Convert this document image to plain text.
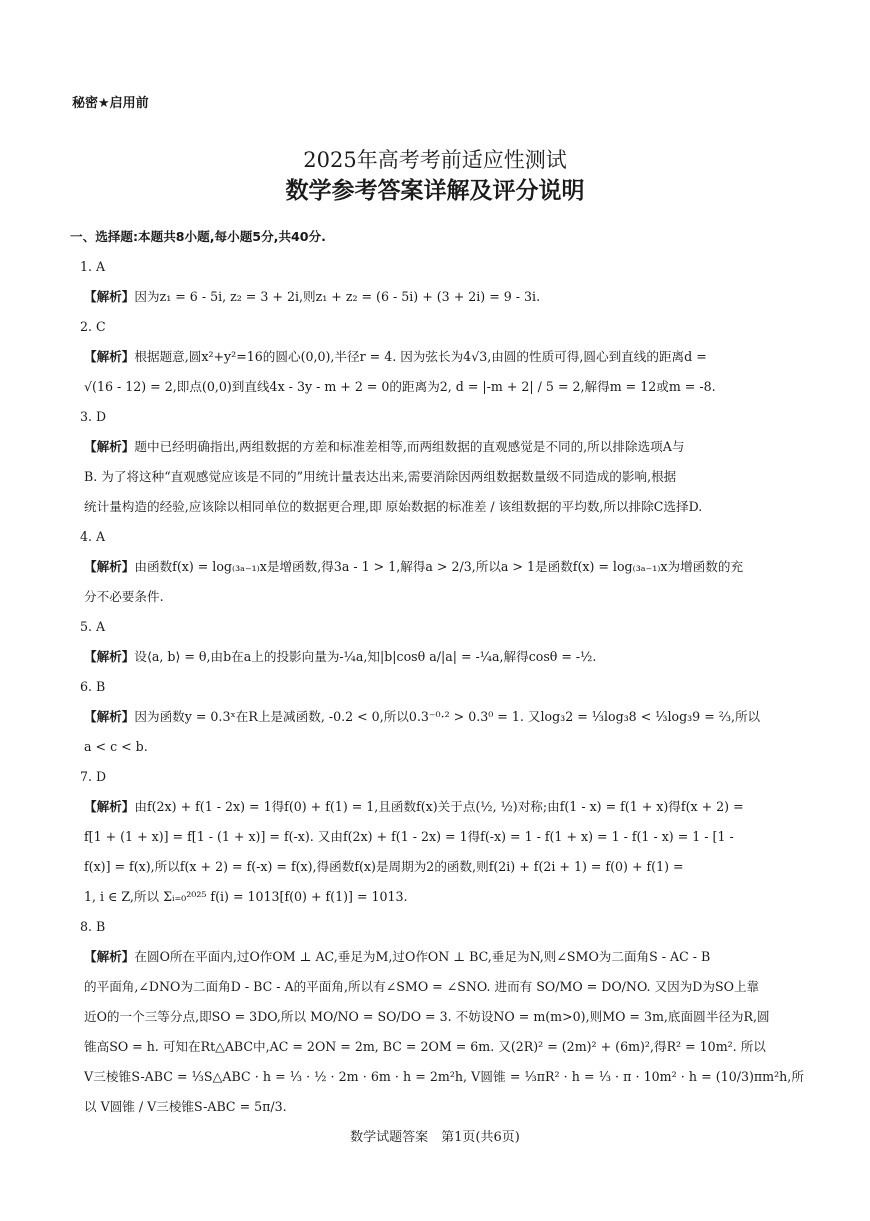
秘密★启用前
2025年高考考前适应性测试
数学参考答案详解及评分说明
一、选择题:本题共8小题,每小题5分,共40分.
1. A
【解析】因为z₁ = 6 - 5i, z₂ = 3 + 2i,则z₁ + z₂ = (6 - 5i) + (3 + 2i) = 9 - 3i.
2. C
【解析】根据题意,圆x²+y²=16的圆心(0,0),半径r = 4. 因为弦长为4√3,由圆的性质可得,圆心到直线的距离d =
√(16 - 12) = 2,即点(0,0)到直线4x - 3y - m + 2 = 0的距离为2, d = |-m + 2| / 5 = 2,解得m = 12或m = -8.
3. D
【解析】题中已经明确指出,两组数据的方差和标准差相等,而两组数据的直观感觉是不同的,所以排除选项A与
B. 为了将这种“直观感觉应该是不同的”用统计量表达出来,需要消除因两组数据数量级不同造成的影响,根据
统计量构造的经验,应该除以相同单位的数据更合理,即 原始数据的标准差 / 该组数据的平均数,所以排除C选择D.
4. A
【解析】由函数f(x) = log₍₃ₐ₋₁₎x是增函数,得3a - 1 > 1,解得a > 2/3,所以a > 1是函数f(x) = log₍₃ₐ₋₁₎x为增函数的充
分不必要条件.
5. A
【解析】设⟨a, b⟩ = θ,由b在a上的投影向量为-¼a,知|b|cosθ a/|a| = -¼a,解得cosθ = -½.
6. B
【解析】因为函数y = 0.3ˣ在R上是减函数, -0.2 < 0,所以0.3⁻⁰·² > 0.3⁰ = 1. 又log₃2 = ⅓log₃8 < ⅓log₃9 = ⅔,所以
a < c < b.
7. D
【解析】由f(2x) + f(1 - 2x) = 1得f(0) + f(1) = 1,且函数f(x)关于点(½, ½)对称;由f(1 - x) = f(1 + x)得f(x + 2) =
f[1 + (1 + x)] = f[1 - (1 + x)] = f(-x). 又由f(2x) + f(1 - 2x) = 1得f(-x) = 1 - f(1 + x) = 1 - f(1 - x) = 1 - [1 -
f(x)] = f(x),所以f(x + 2) = f(-x) = f(x),得函数f(x)是周期为2的函数,则f(2i) + f(2i + 1) = f(0) + f(1) =
1, i ∈ Z,所以 Σᵢ₌₀²⁰²⁵ f(i) = 1013[f(0) + f(1)] = 1013.
8. B
【解析】在圆O所在平面内,过O作OM ⊥ AC,垂足为M,过O作ON ⊥ BC,垂足为N,则∠SMO为二面角S - AC - B
的平面角,∠DNO为二面角D - BC - A的平面角,所以有∠SMO = ∠SNO. 进而有 SO/MO = DO/NO. 又因为D为SO上靠
近O的一个三等分点,即SO = 3DO,所以 MO/NO = SO/DO = 3. 不妨设NO = m(m>0),则MO = 3m,底面圆半径为R,圆
锥高SO = h. 可知在Rt△ABC中,AC = 2ON = 2m, BC = 2OM = 6m. 又(2R)² = (2m)² + (6m)²,得R² = 10m². 所以
V三棱锥S-ABC = ⅓S△ABC · h = ⅓ · ½ · 2m · 6m · h = 2m²h, V圆锥 = ⅓πR² · h = ⅓ · π · 10m² · h = (10/3)πm²h,所以 V圆锥 / V三棱锥S-ABC = 5π/3.
数学试题答案　第1页(共6页)
